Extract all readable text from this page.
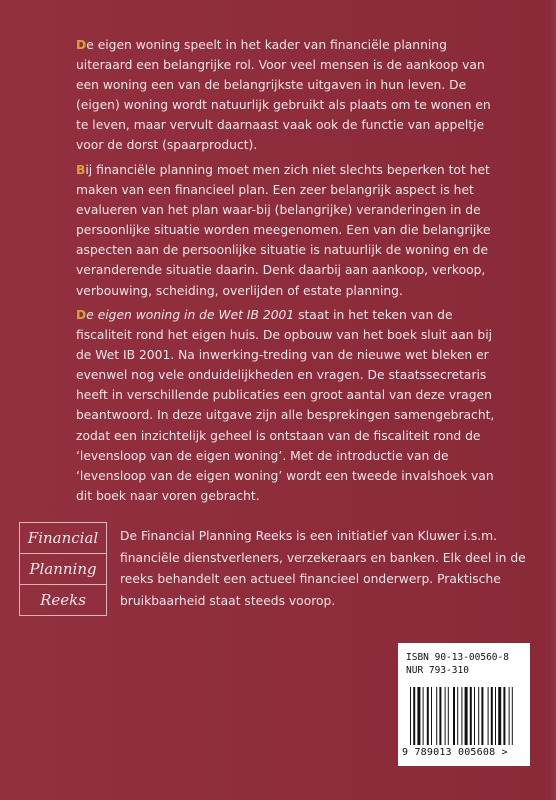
De eigen woning speelt in het kader van financiële planning uiteraard een belangrijke rol. Voor veel mensen is de aankoop van een woning een van de belangrijkste uitgaven in hun leven. De (eigen) woning wordt natuurlijk gebruikt als plaats om te wonen en te leven, maar vervult daarnaast vaak ook de functie van appeltje voor de dorst (spaarproduct).

Bij financiële planning moet men zich niet slechts beperken tot het maken van een financieel plan. Een zeer belangrijk aspect is het evalueren van het plan waar-bij (belangrijke) veranderingen in de persoonlijke situatie worden meegenomen. Een van die belangrijke aspecten aan de persoonlijke situatie is natuurlijk de woning en de veranderende situatie daarin. Denk daarbij aan aankoop, verkoop, verbouwing, scheiding, overlijden of estate planning.

De eigen woning in de Wet IB 2001 staat in het teken van de fiscaliteit rond het eigen huis. De opbouw van het boek sluit aan bij de Wet IB 2001. Na inwerking-treding van de nieuwe wet bleken er evenwel nog vele onduidelijkheden en vragen. De staatssecretaris heeft in verschillende publicaties een groot aantal van deze vragen beantwoord. In deze uitgave zijn alle besprekingen samengebracht, zodat een inzichtelijk geheel is ontstaan van de fiscaliteit rond de ‘levensloop van de eigen woning’. Met de introductie van de ‘levensloop van de eigen woning’ wordt een tweede invalshoek van dit boek naar voren gebracht.

Financial
Planning
Reeks

De Financial Planning Reeks is een initiatief van Kluwer i.s.m. financiële dienstverleners, verzekeraars en banken. Elk deel in de reeks behandelt een actueel financieel onderwerp. Praktische bruikbaarheid staat steeds voorop.

ISBN 90-13-00560-8
NUR 793-310
9 789013 005608 >
